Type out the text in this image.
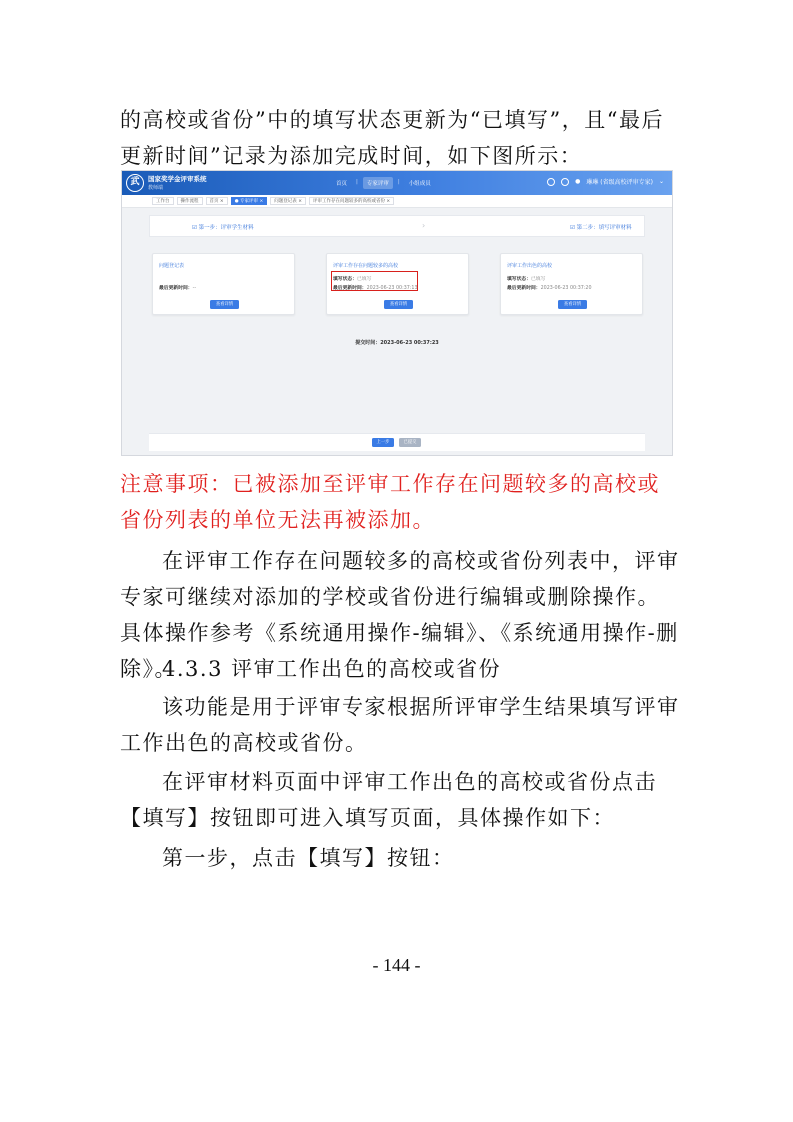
的高校或省份”中的填写状态更新为“已填写”，且“最后更新时间”记录为添加完成时间，如下图所示：
武	国家奖学金评审系统
教师端
首页	|	专家评审	|	小组成员	● 琳琳 (省级高校评审专家) ⌄
工作台	操作流程	首页 ×	● 专家评审 ×	问题登记表 ×	评审工作存在问题较多的高校或省份 ×
☑ 第一步：评审学生材料	›	☑ 第二步：填写评审材料
问题登记表
最后更新时间：--
查看详情
评审工作存在问题较多的高校
填写状态：已填写
最后更新时间：2023-06-23 00:37:13
查看详情
评审工作出色的高校
填写状态：已填写
最后更新时间：2023-06-23 00:37:20
查看详情
提交时间：2023-06-23 00:37:23
上一步	已提交
注意事项：已被添加至评审工作存在问题较多的高校或省份列表的单位无法再被添加。
在评审工作存在问题较多的高校或省份列表中，评审专家可继续对添加的学校或省份进行编辑或删除操作。具体操作参考《系统通用操作-编辑》、《系统通用操作-删除》。
4.3.3 评审工作出色的高校或省份
该功能是用于评审专家根据所评审学生结果填写评审工作出色的高校或省份。
在评审材料页面中评审工作出色的高校或省份点击【填写】按钮即可进入填写页面，具体操作如下：
第一步，点击【填写】按钮：
- 144 -
